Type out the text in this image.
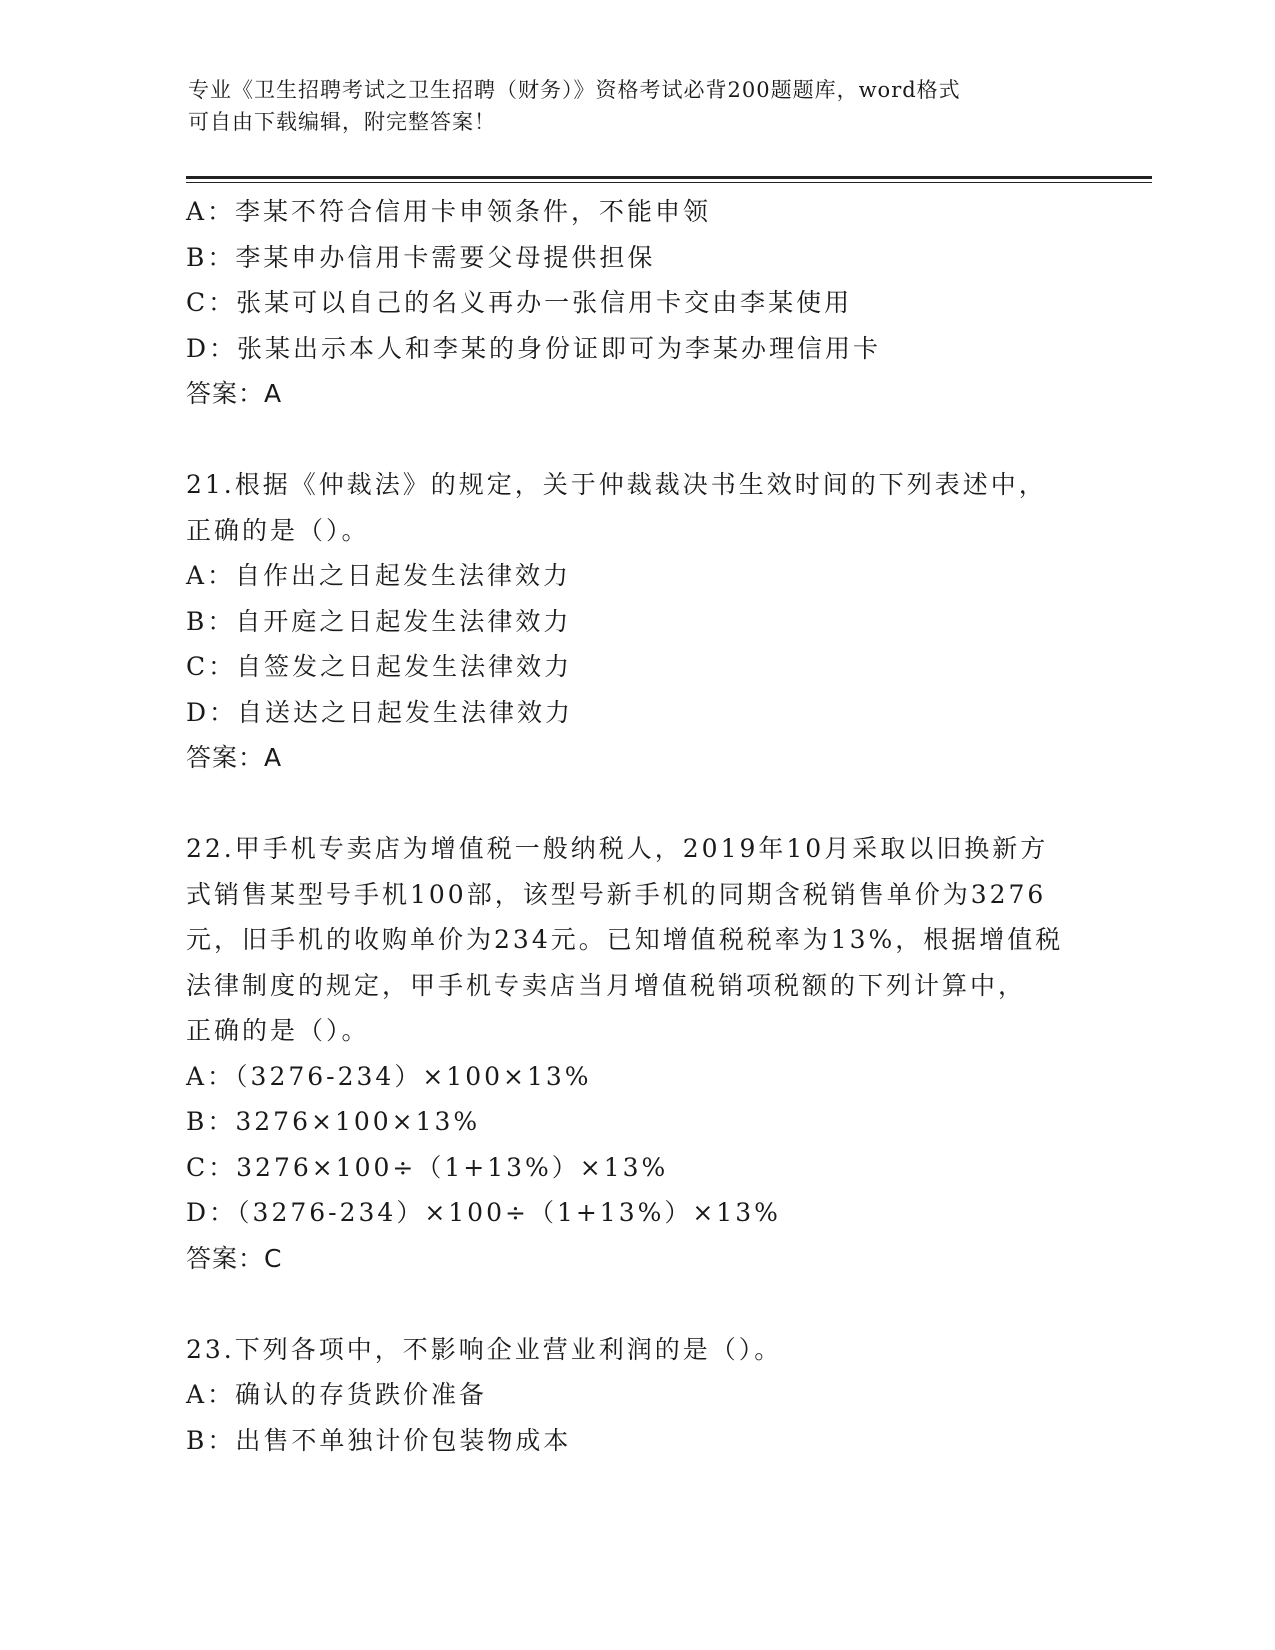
专业《卫生招聘考试之卫生招聘（财务）》资格考试必背200题题库，word格式
可自由下载编辑，附完整答案！
A：李某不符合信用卡申领条件，不能申领
B：李某申办信用卡需要父母提供担保
C：张某可以自己的名义再办一张信用卡交由李某使用
D：张某出示本人和李某的身份证即可为李某办理信用卡
答案：A
21.根据《仲裁法》的规定，关于仲裁裁决书生效时间的下列表述中，
正确的是（）。
A：自作出之日起发生法律效力
B：自开庭之日起发生法律效力
C：自签发之日起发生法律效力
D：自送达之日起发生法律效力
答案：A
22.甲手机专卖店为增值税一般纳税人，2019年10月采取以旧换新方
式销售某型号手机100部，该型号新手机的同期含税销售单价为3276
元，旧手机的收购单价为234元。已知增值税税率为13%，根据增值税
法律制度的规定，甲手机专卖店当月增值税销项税额的下列计算中，
正确的是（）。
A：（3276-234）×100×13%
B：3276×100×13%
C：3276×100÷（1+13%）×13%
D：（3276-234）×100÷（1+13%）×13%
答案：C
23.下列各项中，不影响企业营业利润的是（）。
A：确认的存货跌价准备
B：出售不单独计价包装物成本
